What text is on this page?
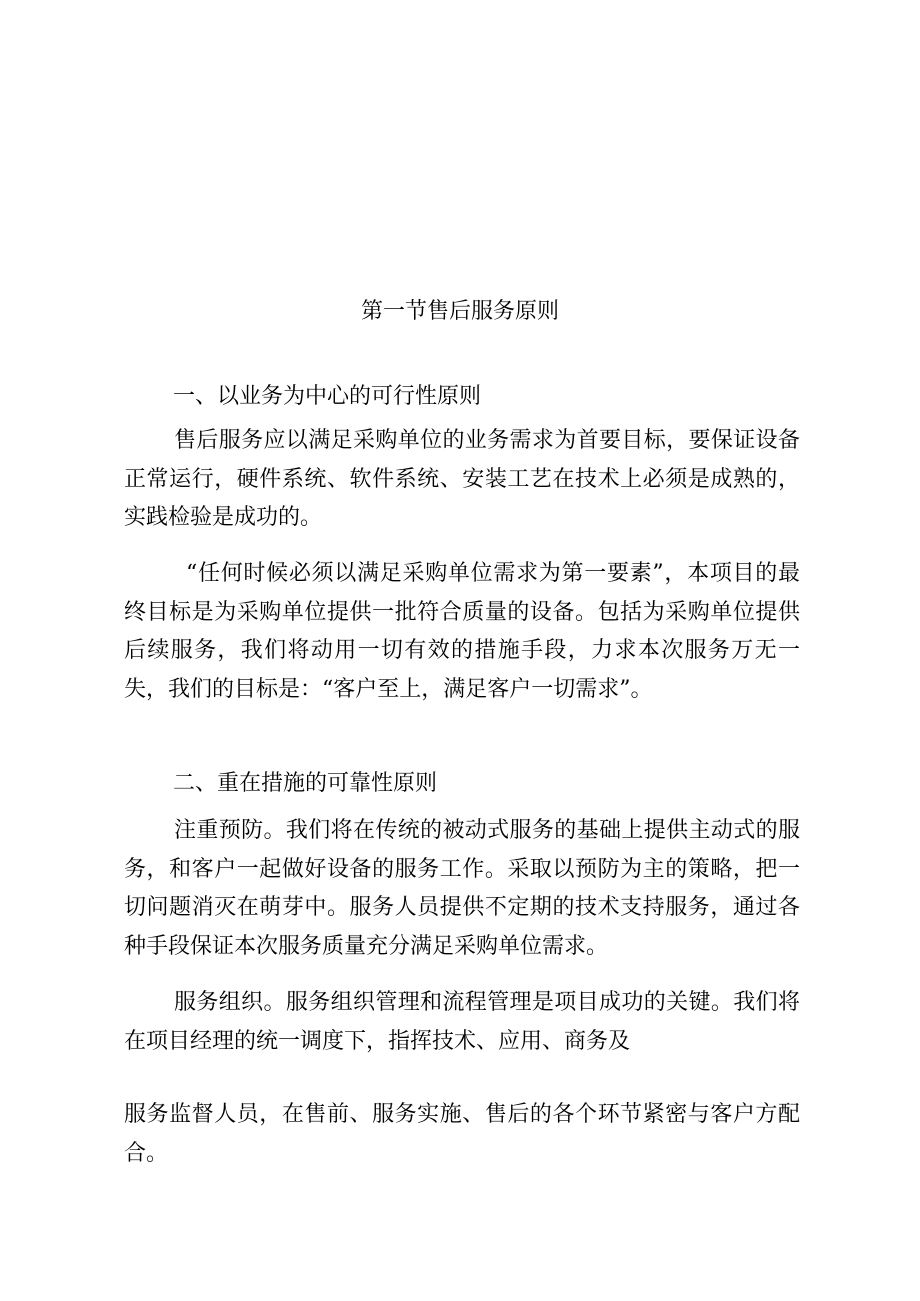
第一节售后服务原则
一、以业务为中心的可行性原则

售后服务应以满足采购单位的业务需求为首要目标，要保证设备正常运行，硬件系统、软件系统、安装工艺在技术上必须是成熟的，实践检验是成功的。

“任何时候必须以满足采购单位需求为第一要素”，本项目的最终目标是为采购单位提供一批符合质量的设备。包括为采购单位提供后续服务，我们将动用一切有效的措施手段，力求本次服务万无一失，我们的目标是：“客户至上，满足客户一切需求”。

二、重在措施的可靠性原则

注重预防。我们将在传统的被动式服务的基础上提供主动式的服务，和客户一起做好设备的服务工作。采取以预防为主的策略，把一切问题消灭在萌芽中。服务人员提供不定期的技术支持服务，通过各种手段保证本次服务质量充分满足采购单位需求。

服务组织。服务组织管理和流程管理是项目成功的关键。我们将在项目经理的统一调度下，指挥技术、应用、商务及

服务监督人员，在售前、服务实施、售后的各个环节紧密与客户方配合。
